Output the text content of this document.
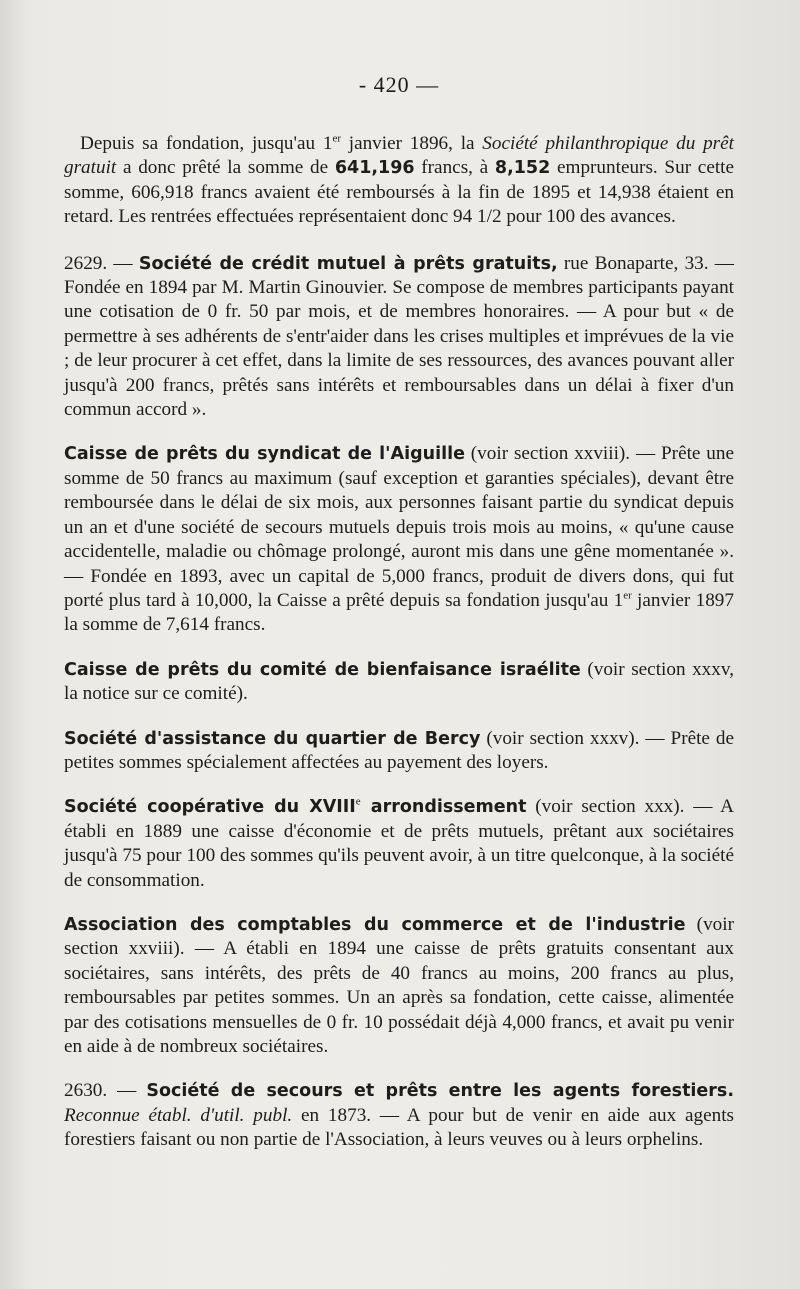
- 420 —

Depuis sa fondation, jusqu'au 1er janvier 1896, la Société philanthropique du prêt gratuit a donc prêté la somme de 641,196 francs, à 8,152 emprunteurs. Sur cette somme, 606,918 francs avaient été remboursés à la fin de 1895 et 14,938 étaient en retard. Les rentrées effectuées représentaient donc 94 1/2 pour 100 des avances.

2629. — Société de crédit mutuel à prêts gratuits, rue Bonaparte, 33. — Fondée en 1894 par M. Martin Ginouvier. Se compose de membres participants payant une cotisation de 0 fr. 50 par mois, et de membres honoraires. — A pour but « de permettre à ses adhérents de s'entr'aider dans les crises multiples et imprévues de la vie ; de leur procurer à cet effet, dans la limite de ses ressources, des avances pouvant aller jusqu'à 200 francs, prêtés sans intérêts et remboursables dans un délai à fixer d'un commun accord ».

Caisse de prêts du syndicat de l'Aiguille (voir section xxviii). — Prête une somme de 50 francs au maximum (sauf exception et garanties spéciales), devant être remboursée dans le délai de six mois, aux personnes faisant partie du syndicat depuis un an et d'une société de secours mutuels depuis trois mois au moins, « qu'une cause accidentelle, maladie ou chômage prolongé, auront mis dans une gêne momentanée ». — Fondée en 1893, avec un capital de 5,000 francs, produit de divers dons, qui fut porté plus tard à 10,000, la Caisse a prêté depuis sa fondation jusqu'au 1er janvier 1897 la somme de 7,614 francs.

Caisse de prêts du comité de bienfaisance israélite (voir section xxxv, la notice sur ce comité).

Société d'assistance du quartier de Bercy (voir section xxxv). — Prête de petites sommes spécialement affectées au payement des loyers.

Société coopérative du XVIIIe arrondissement (voir section xxx). — A établi en 1889 une caisse d'économie et de prêts mutuels, prêtant aux sociétaires jusqu'à 75 pour 100 des sommes qu'ils peuvent avoir, à un titre quelconque, à la société de consommation.

Association des comptables du commerce et de l'industrie (voir section xxviii). — A établi en 1894 une caisse de prêts gratuits consentant aux sociétaires, sans intérêts, des prêts de 40 francs au moins, 200 francs au plus, remboursables par petites sommes. Un an après sa fondation, cette caisse, alimentée par des cotisations mensuelles de 0 fr. 10 possédait déjà 4,000 francs, et avait pu venir en aide à de nombreux sociétaires.

2630. — Société de secours et prêts entre les agents forestiers. Reconnue établ. d'util. publ. en 1873. — A pour but de venir en aide aux agents forestiers faisant ou non partie de l'Association, à leurs veuves ou à leurs orphelins.
